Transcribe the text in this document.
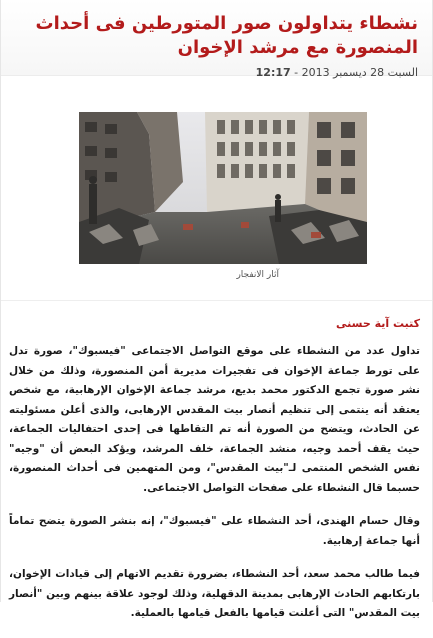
نشطاء يتداولون صور المتورطين فى أحداث المنصورة مع مرشد الإخوان
السبت 28 ديسمبر 2013 - 12:17
آثار الانفجار
كتبت آية حسنى

تداول عدد من النشطاء على موقع التواصل الاجتماعى "فيسبوك"، صورة تدل على تورط جماعة الإخوان فى تفجيرات مديرية أمن المنصورة، وذلك من خلال نشر صورة تجمع الدكتور محمد بديع، مرشد جماعة الإخوان الإرهابية، مع شخص يعتقد أنه ينتمى إلى تنظيم أنصار بيت المقدس الإرهابى، والذى أعلن مسئوليته عن الحادث، ويتضح من الصورة أنه تم التقاطها فى إحدى احتفاليات الجماعة، حيث يقف أحمد وجيه، منشد الجماعة، خلف المرشد، ويؤكد البعض أن "وجيه" نفس الشخص المنتمى لـ"بيت المقدس"، ومن المتهمين فى أحداث المنصورة، حسبما قال النشطاء على صفحات التواصل الاجتماعى.

وقال حسام الهندى، أحد النشطاء على "فيسبوك"، إنه بنشر الصورة يتضح تماماً أنها جماعة إرهابية.

فيما طالب محمد سعد، أحد النشطاء، بضرورة تقديم الاتهام إلى قيادات الإخوان، بارتكابهم الحادث الإرهابى بمدينة الدقهلية، وذلك لوجود علاقة بينهم وبين "أنصار بيت المقدس" التى أعلنت قيامها بالفعل قيامها بالعملية.
